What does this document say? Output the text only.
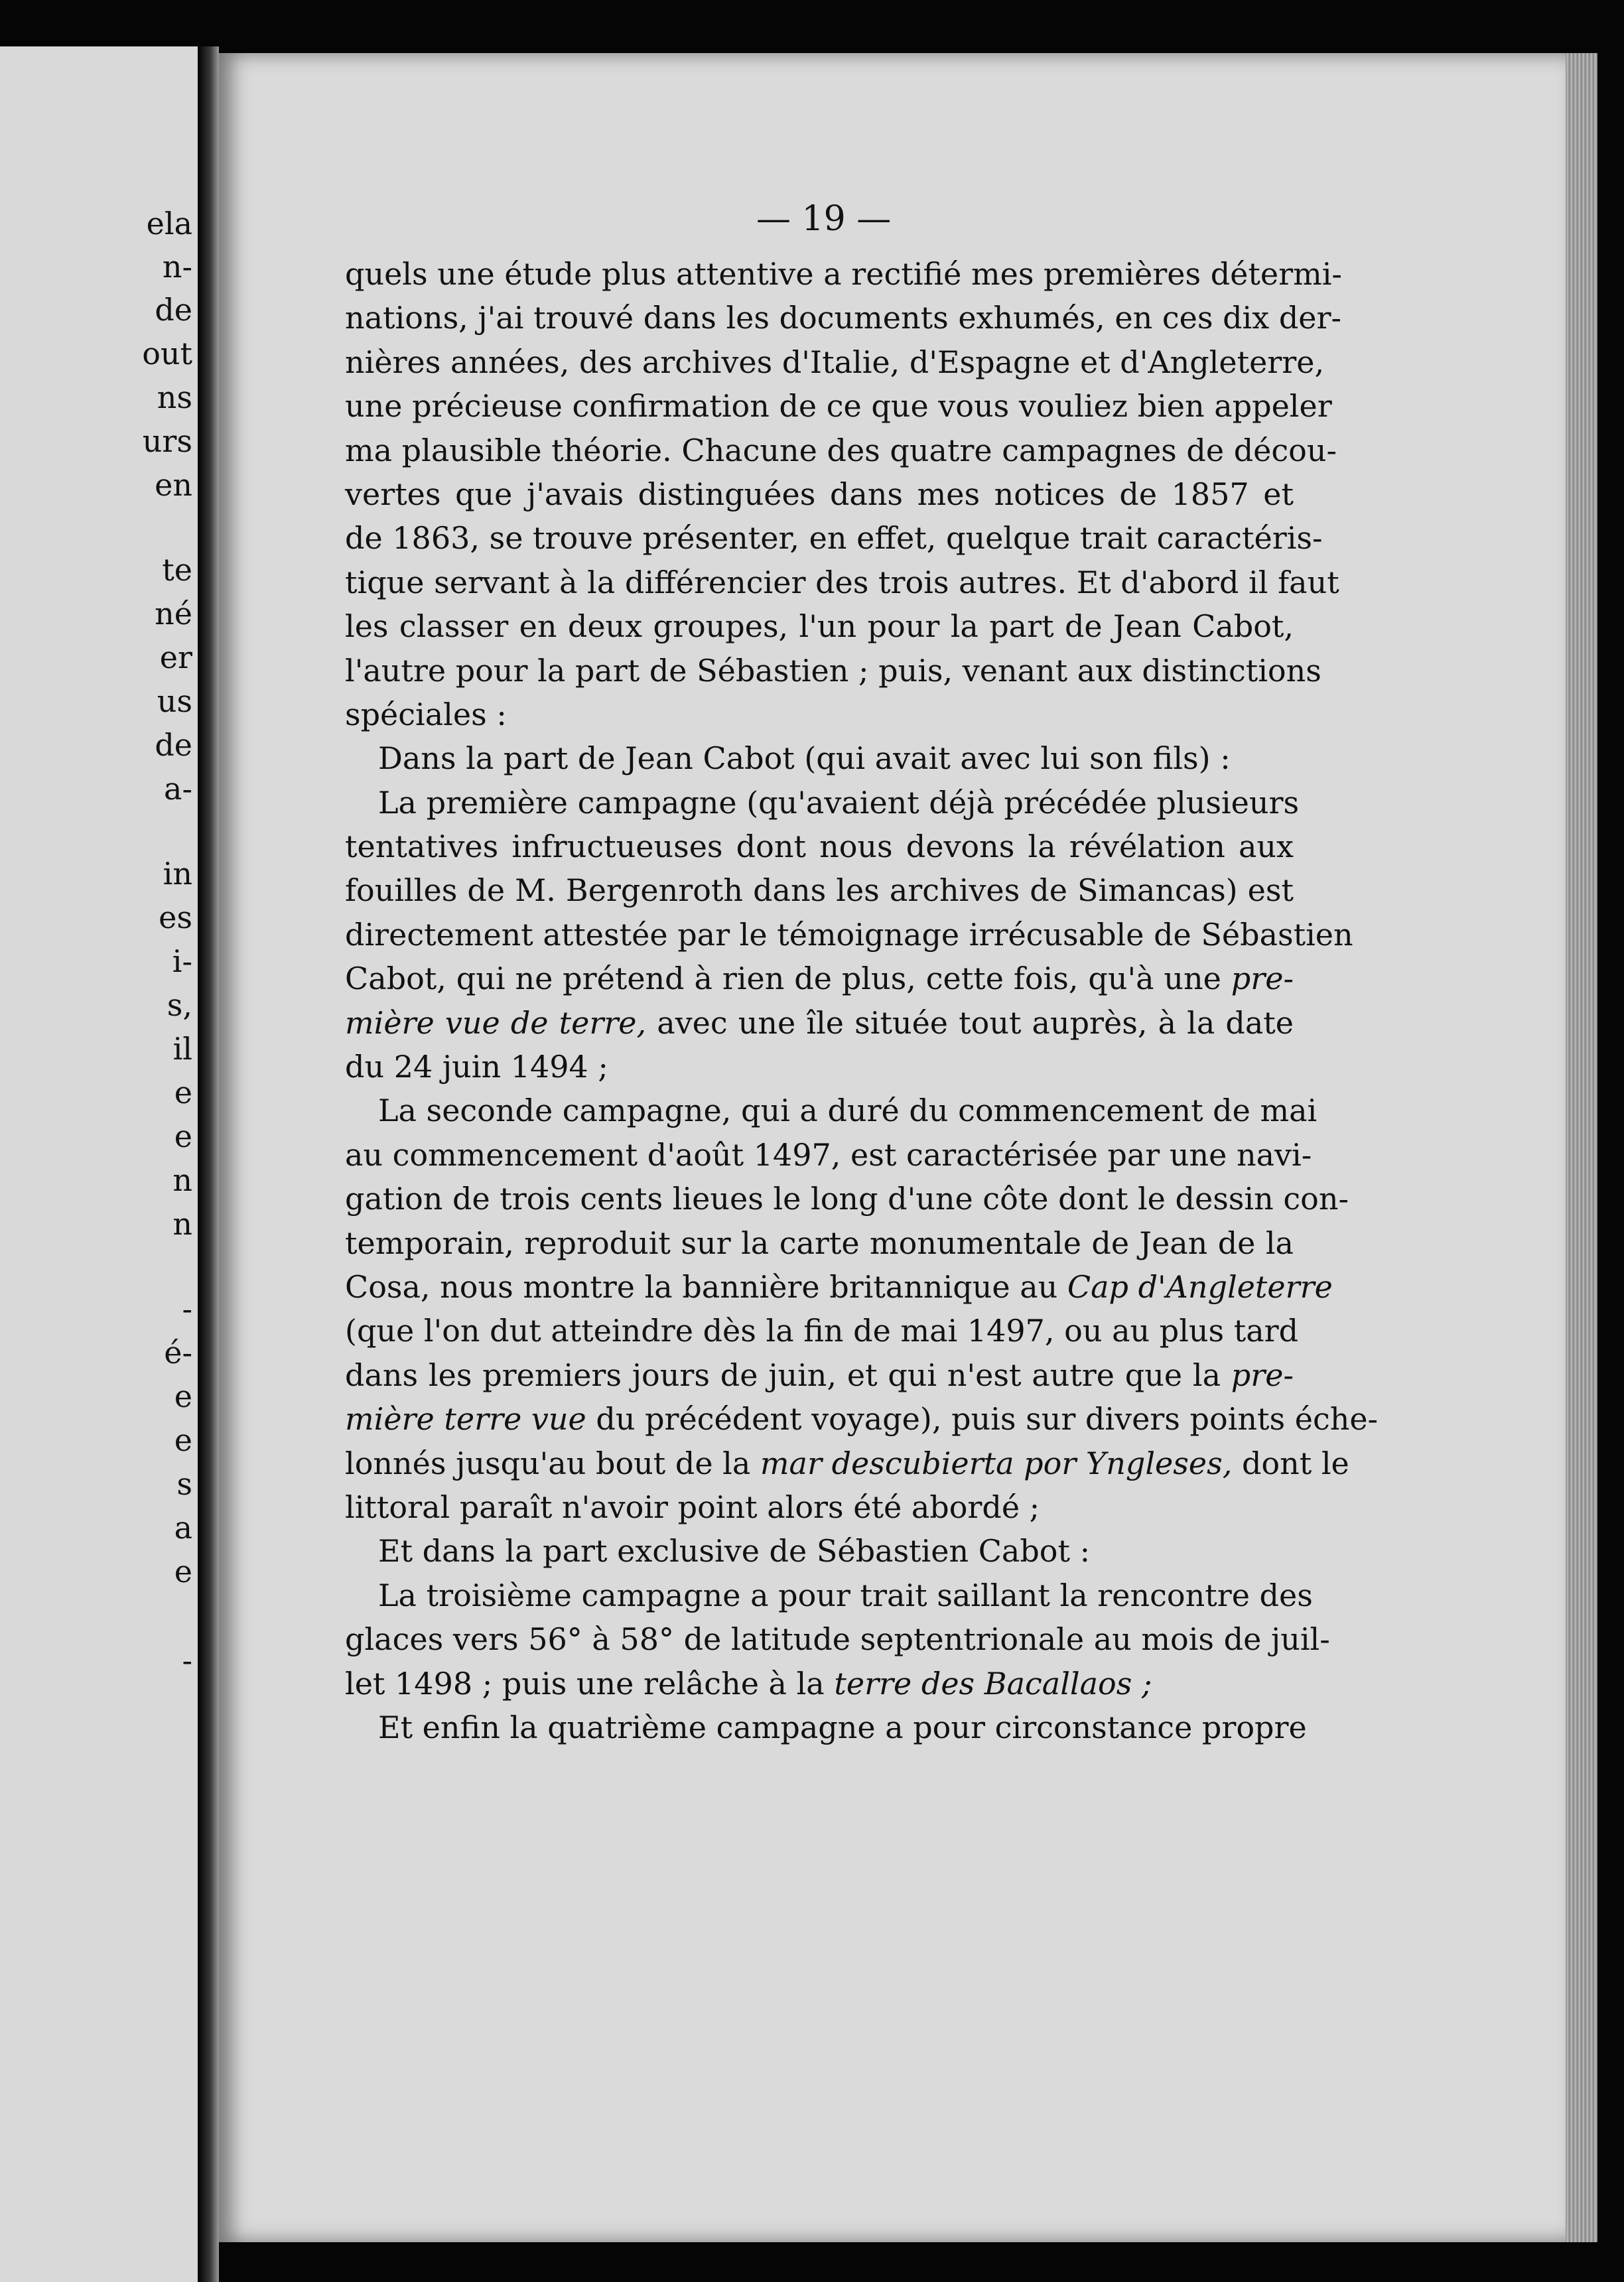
ela
n-
de
out
ns
urs
en
te
né
er
us
de
a-
in
es
i-
s,
il
e
e
n
n
-
é-
e
e
s
a
e
-
— 19 —
quels une étude plus attentive a rectifié mes premières détermi-
nations, j'ai trouvé dans les documents exhumés, en ces dix der-
nières années, des archives d'Italie, d'Espagne et d'Angleterre,
une précieuse confirmation de ce que vous vouliez bien appeler
ma plausible théorie. Chacune des quatre campagnes de décou-
vertes que j'avais distinguées dans mes notices de 1857 et
de 1863, se trouve présenter, en effet, quelque trait caractéris-
tique servant à la différencier des trois autres. Et d'abord il faut
les classer en deux groupes, l'un pour la part de Jean Cabot,
l'autre pour la part de Sébastien ; puis, venant aux distinctions
spéciales :
Dans la part de Jean Cabot (qui avait avec lui son fils) :
La première campagne (qu'avaient déjà précédée plusieurs
tentatives infructueuses dont nous devons la révélation aux
fouilles de M. Bergenroth dans les archives de Simancas) est
directement attestée par le témoignage irrécusable de Sébastien
Cabot, qui ne prétend à rien de plus, cette fois, qu'à une pre-
mière vue de terre, avec une île située tout auprès, à la date
du 24 juin 1494 ;
La seconde campagne, qui a duré du commencement de mai
au commencement d'août 1497, est caractérisée par une navi-
gation de trois cents lieues le long d'une côte dont le dessin con-
temporain, reproduit sur la carte monumentale de Jean de la
Cosa, nous montre la bannière britannique au Cap d'Angleterre
(que l'on dut atteindre dès la fin de mai 1497, ou au plus tard
dans les premiers jours de juin, et qui n'est autre que la pre-
mière terre vue du précédent voyage), puis sur divers points éche-
lonnés jusqu'au bout de la mar descubierta por Yngleses, dont le
littoral paraît n'avoir point alors été abordé ;
Et dans la part exclusive de Sébastien Cabot :
La troisième campagne a pour trait saillant la rencontre des
glaces vers 56° à 58° de latitude septentrionale au mois de juil-
let 1498 ; puis une relâche à la terre des Bacallaos ;
Et enfin la quatrième campagne a pour circonstance propre
